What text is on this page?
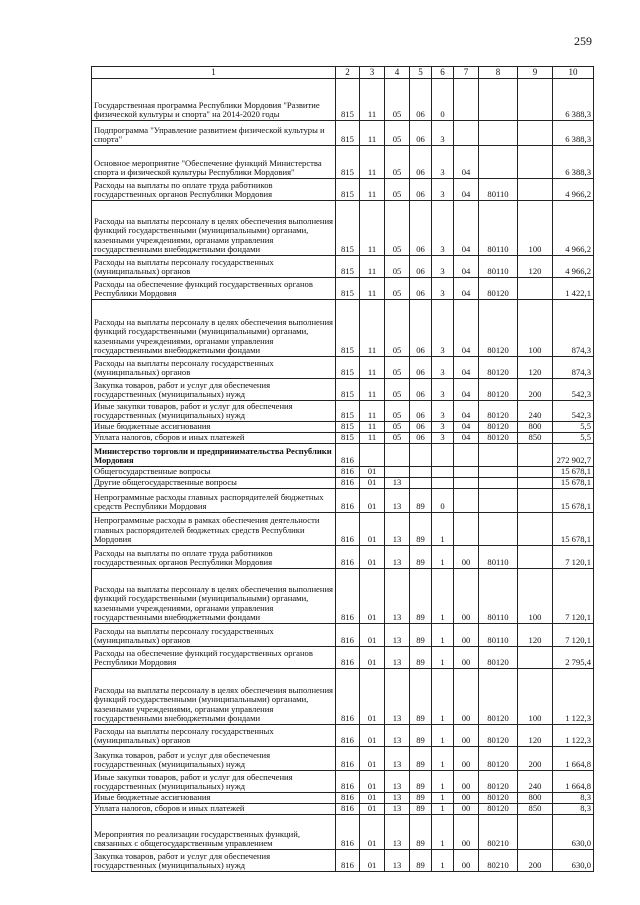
259
1	2	3	4	5	6	7	8	9	10
Государственная программа Республики Мордовия "Развитие физической культуры и спорта" на 2014-2020 годы	815	11	05	06	0				6 388,3
Подпрограмма "Управление развитием физической культуры и спорта"	815	11	05	06	3				6 388,3
Основное мероприятие "Обеспечение функций Министерства спорта и физической культуры Республики Мордовия"	815	11	05	06	3	04			6 388,3
Расходы на выплаты по оплате труда работников государственных органов Республики Мордовия	815	11	05	06	3	04	80110		4 966,2
Расходы на выплаты персоналу в целях обеспечения выполнения функций государственными (муниципальными) органами, казенными учреждениями, органами управления государственными внебюджетными фондами	815	11	05	06	3	04	80110	100	4 966,2
Расходы на выплаты персоналу государственных (муниципальных) органов	815	11	05	06	3	04	80110	120	4 966,2
Расходы на обеспечение функций государственных органов Республики Мордовия	815	11	05	06	3	04	80120		1 422,1
Расходы на выплаты персоналу в целях обеспечения выполнения функций государственными (муниципальными) органами, казенными учреждениями, органами управления государственными внебюджетными фондами	815	11	05	06	3	04	80120	100	874,3
Расходы на выплаты персоналу государственных (муниципальных) органов	815	11	05	06	3	04	80120	120	874,3
Закупка товаров, работ и услуг для обеспечения государственных (муниципальных) нужд	815	11	05	06	3	04	80120	200	542,3
Иные закупки товаров, работ и услуг для обеспечения государственных (муниципальных) нужд	815	11	05	06	3	04	80120	240	542,3
Иные бюджетные ассигнования	815	11	05	06	3	04	80120	800	5,5
Уплата налогов, сборов и иных платежей	815	11	05	06	3	04	80120	850	5,5
Министерство торговли и предпринимательства Республики Мордовия	816								272 902,7
Общегосударственные вопросы	816	01							15 678,1
Другие общегосударственные вопросы	816	01	13						15 678,1
Непрограммные расходы главных распорядителей бюджетных средств Республики Мордовия	816	01	13	89	0				15 678,1
Непрограммные расходы в рамках обеспечения деятельности главных распорядителей бюджетных средств Республики Мордовия	816	01	13	89	1				15 678,1
Расходы на выплаты по оплате труда работников государственных органов Республики Мордовия	816	01	13	89	1	00	80110		7 120,1
Расходы на выплаты персоналу в целях обеспечения выполнения функций государственными (муниципальными) органами, казенными учреждениями, органами управления государственными внебюджетными фондами	816	01	13	89	1	00	80110	100	7 120,1
Расходы на выплаты персоналу государственных (муниципальных) органов	816	01	13	89	1	00	80110	120	7 120,1
Расходы на обеспечение функций государственных органов Республики Мордовия	816	01	13	89	1	00	80120		2 795,4
Расходы на выплаты персоналу в целях обеспечения выполнения функций государственными (муниципальными) органами, казенными учреждениями, органами управления государственными внебюджетными фондами	816	01	13	89	1	00	80120	100	1 122,3
Расходы на выплаты персоналу государственных (муниципальных) органов	816	01	13	89	1	00	80120	120	1 122,3
Закупка товаров, работ и услуг для обеспечения государственных (муниципальных) нужд	816	01	13	89	1	00	80120	200	1 664,8
Иные закупки товаров, работ и услуг для обеспечения государственных (муниципальных) нужд	816	01	13	89	1	00	80120	240	1 664,8
Иные бюджетные ассигнования	816	01	13	89	1	00	80120	800	8,3
Уплата налогов, сборов и иных платежей	816	01	13	89	1	00	80120	850	8,3
Мероприятия по реализации государственных функций, связанных с общегосударственным управлением	816	01	13	89	1	00	80210		630,0
Закупка товаров, работ и услуг для обеспечения государственных (муниципальных) нужд	816	01	13	89	1	00	80210	200	630,0
